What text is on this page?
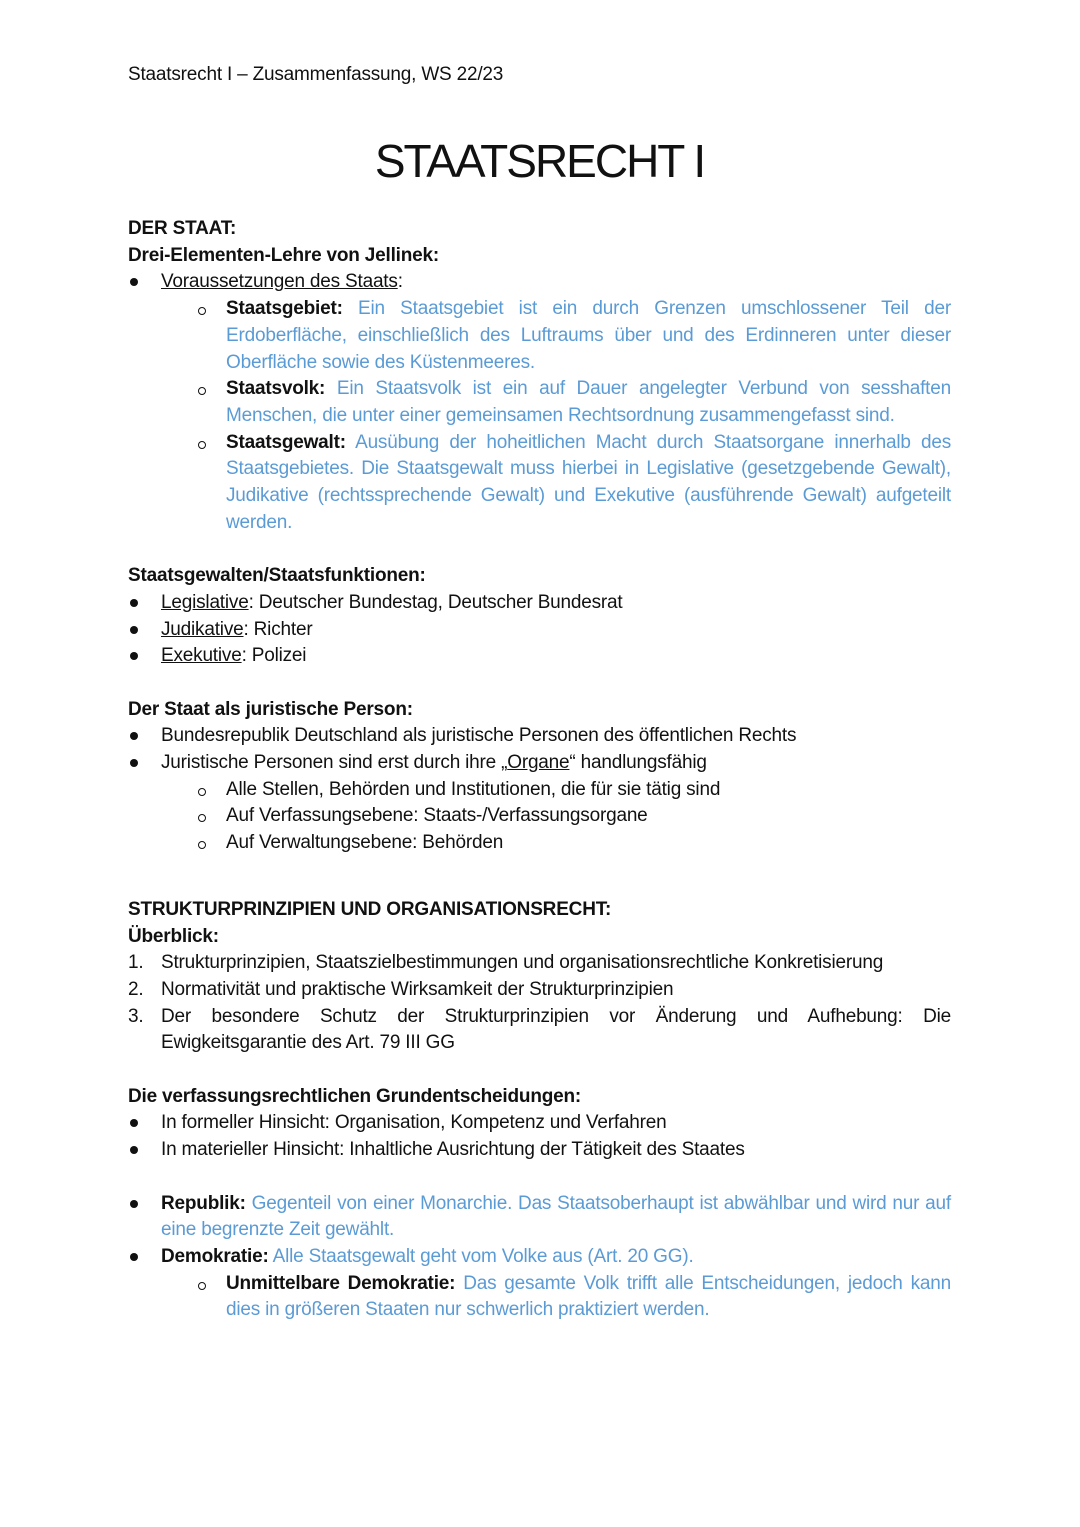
Staatsrecht I – Zusammenfassung, WS 22/23
STAATSRECHT I

DER STAAT:

Drei-Elementen-Lehre von Jellinek:

Voraussetzungen des Staats:
Staatsgebiet: Ein Staatsgebiet ist ein durch Grenzen umschlossener Teil der Erdoberfläche, einschließlich des Luftraums über und des Erdinneren unter dieser Oberfläche sowie des Küstenmeeres.
Staatsvolk: Ein Staatsvolk ist ein auf Dauer angelegter Verbund von sesshaften Menschen, die unter einer gemeinsamen Rechtsordnung zusammengefasst sind.
Staatsgewalt: Ausübung der hoheitlichen Macht durch Staatsorgane innerhalb des Staatsgebietes. Die Staatsgewalt muss hierbei in Legislative (gesetzgebende Gewalt), Judikative (rechtssprechende Gewalt) und Exekutive (ausführende Gewalt) aufgeteilt werden.

Staatsgewalten/Staatsfunktionen:

Legislative: Deutscher Bundestag, Deutscher Bundesrat
Judikative: Richter
Exekutive: Polizei

Der Staat als juristische Person:

Bundesrepublik Deutschland als juristische Personen des öffentlichen Rechts
Juristische Personen sind erst durch ihre „Organe“ handlungsfähig
Alle Stellen, Behörden und Institutionen, die für sie tätig sind
Auf Verfassungsebene: Staats-/Verfassungsorgane
Auf Verwaltungsebene: Behörden

STRUKTURPRINZIPIEN UND ORGANISATIONSRECHT:

Überblick:

1. Strukturprinzipien, Staatszielbestimmungen und organisationsrechtliche Konkretisierung
2. Normativität und praktische Wirksamkeit der Strukturprinzipien
3. Der besondere Schutz der Strukturprinzipien vor Änderung und Aufhebung: Die Ewigkeitsgarantie des Art. 79 III GG

Die verfassungsrechtlichen Grundentscheidungen:

In formeller Hinsicht: Organisation, Kompetenz und Verfahren
In materieller Hinsicht: Inhaltliche Ausrichtung der Tätigkeit des Staates
Republik: Gegenteil von einer Monarchie. Das Staatsoberhaupt ist abwählbar und wird nur auf eine begrenzte Zeit gewählt.
Demokratie: Alle Staatsgewalt geht vom Volke aus (Art. 20 GG).
Unmittelbare Demokratie: Das gesamte Volk trifft alle Entscheidungen, jedoch kann dies in größeren Staaten nur schwerlich praktiziert werden.
